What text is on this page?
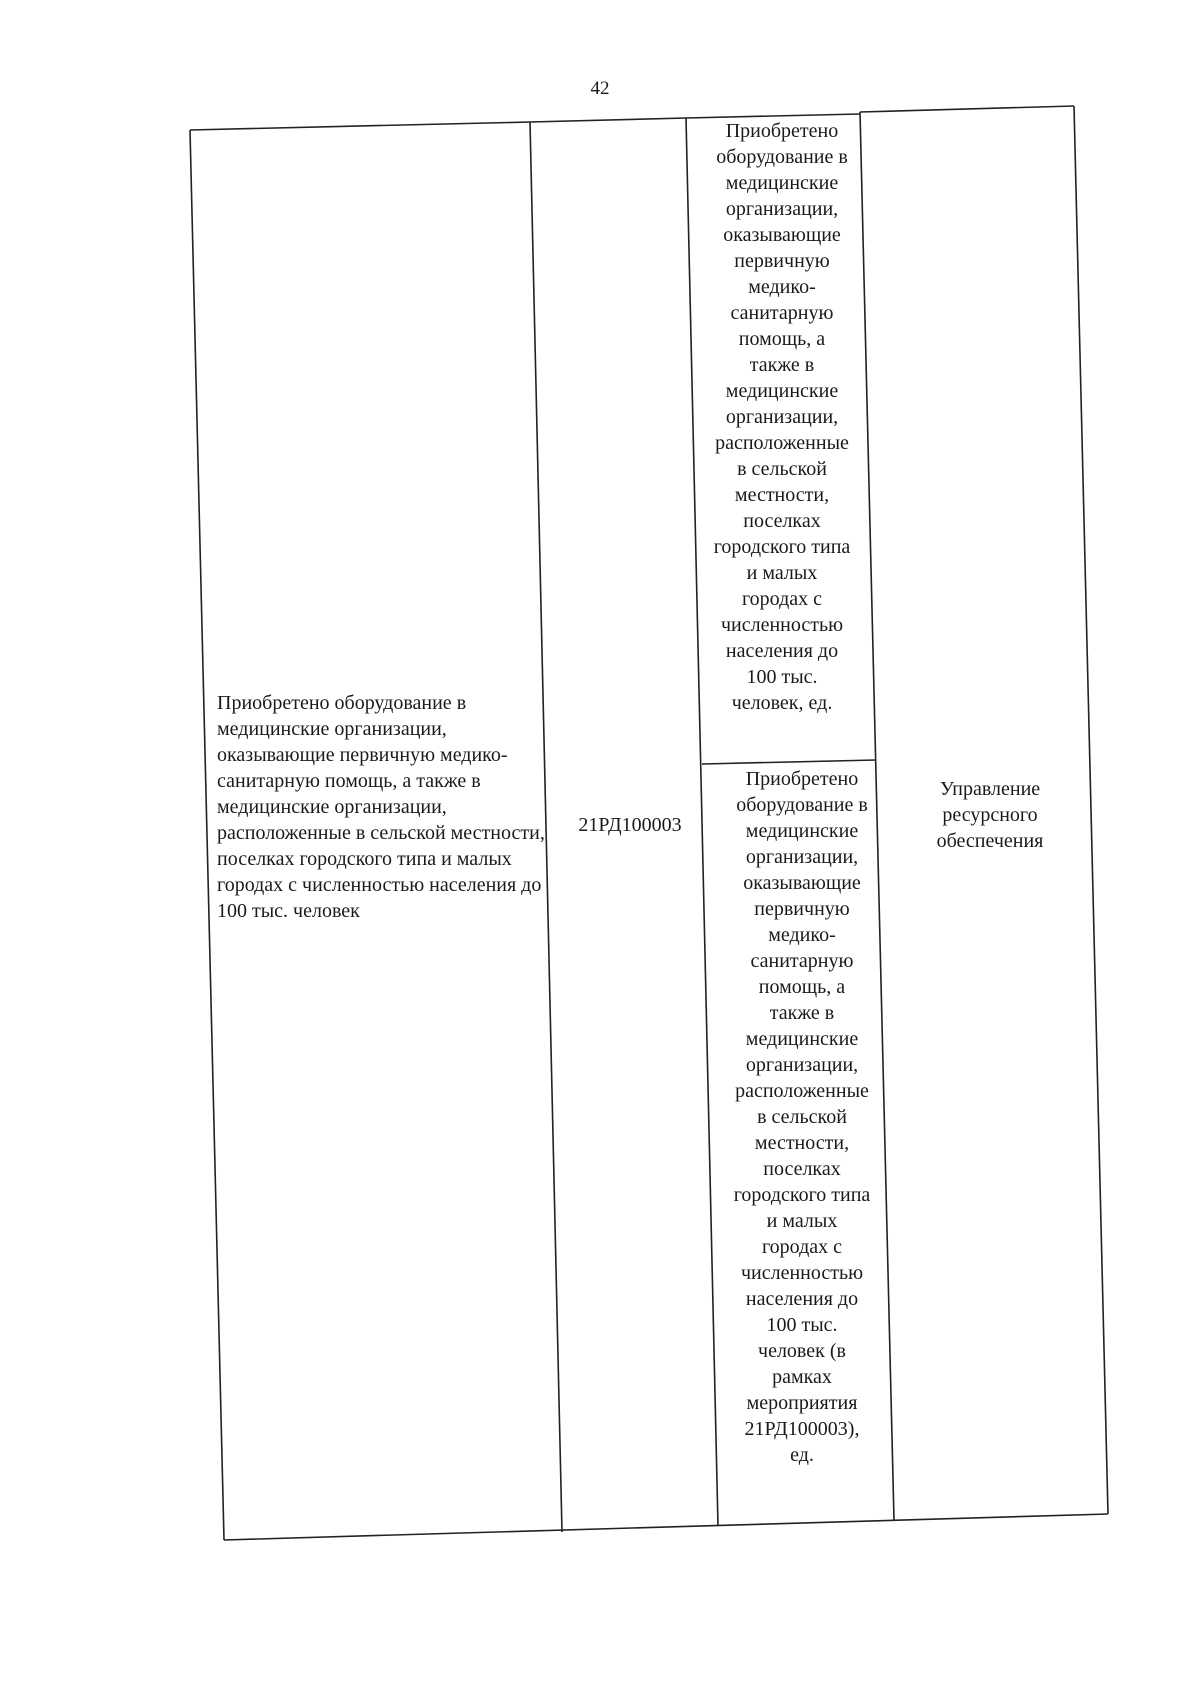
42
Приобретено оборудование в медицинские организации, оказывающие первичную медико-санитарную помощь, а также в медицинские организации, расположенные в сельской местности, поселках городского типа и малых городах с численностью населения до 100 тыс. человек
21РД100003
Приобретено
оборудование в
медицинские
организации,
оказывающие
первичную
медико-
санитарную
помощь, а
также в
медицинские
организации,
расположенные
в сельской
местности,
поселках
городского типа
и малых
городах с
численностью
населения до
100 тыс.
человек, ед.
Приобретено
оборудование в
медицинские
организации,
оказывающие
первичную
медико-
санитарную
помощь, а
также в
медицинские
организации,
расположенные
в сельской
местности,
поселках
городского типа
и малых
городах с
численностью
населения до
100 тыс.
человек (в
рамках
мероприятия
21РД100003),
ед.
Управление
ресурсного
обеспечения
